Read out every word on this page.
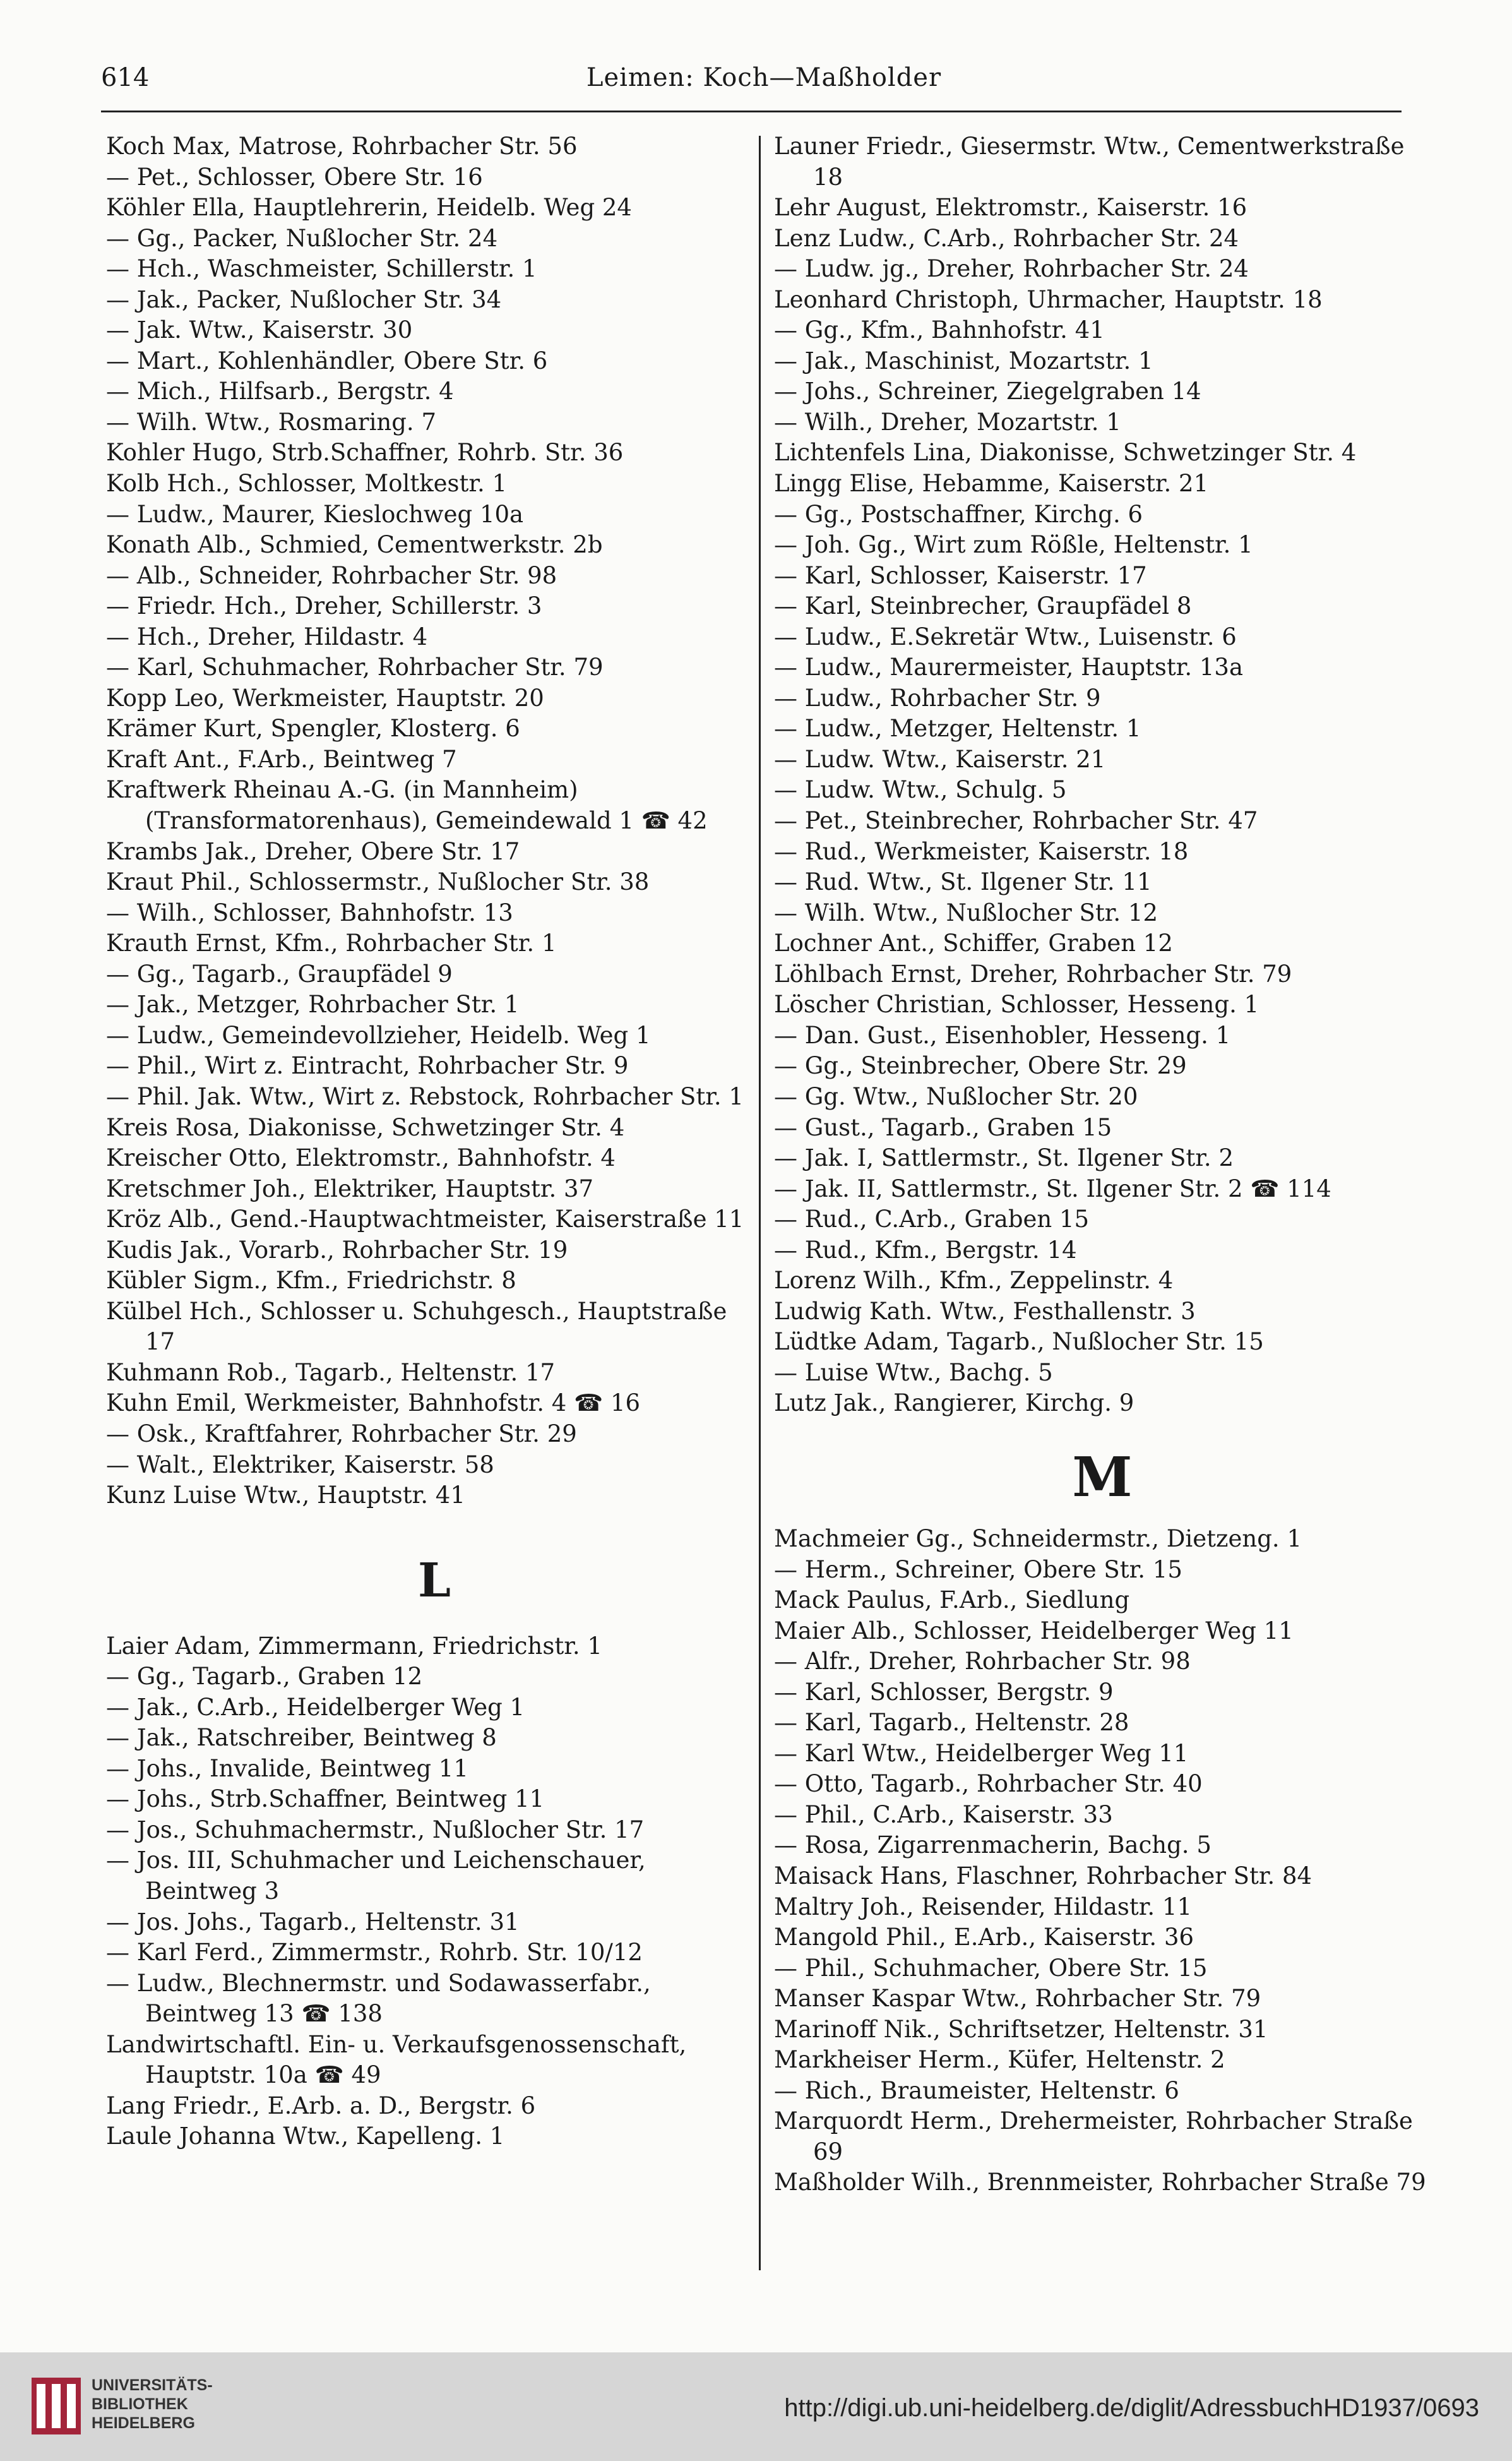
614	Leimen: Koch—Maßholder
Koch Max, Matrose, Rohrbacher Str. 56
— Pet., Schlosser, Obere Str. 16
Köhler Ella, Hauptlehrerin, Heidelb. Weg 24
— Gg., Packer, Nußlocher Str. 24
— Hch., Waschmeister, Schillerstr. 1
— Jak., Packer, Nußlocher Str. 34
— Jak. Wtw., Kaiserstr. 30
— Mart., Kohlenhändler, Obere Str. 6
— Mich., Hilfsarb., Bergstr. 4
— Wilh. Wtw., Rosmaring. 7
Kohler Hugo, Strb.Schaffner, Rohrb. Str. 36
Kolb Hch., Schlosser, Moltkestr. 1
— Ludw., Maurer, Kieslochweg 10a
Konath Alb., Schmied, Cementwerkstr. 2b
— Alb., Schneider, Rohrbacher Str. 98
— Friedr. Hch., Dreher, Schillerstr. 3
— Hch., Dreher, Hildastr. 4
— Karl, Schuhmacher, Rohrbacher Str. 79
Kopp Leo, Werkmeister, Hauptstr. 20
Krämer Kurt, Spengler, Klosterg. 6
Kraft Ant., F.Arb., Beintweg 7
Kraftwerk Rheinau A.-G. (in Mannheim) (Transformatorenhaus), Gemeindewald 1 ☎ 42
Krambs Jak., Dreher, Obere Str. 17
Kraut Phil., Schlossermstr., Nußlocher Str. 38
— Wilh., Schlosser, Bahnhofstr. 13
Krauth Ernst, Kfm., Rohrbacher Str. 1
— Gg., Tagarb., Graupfädel 9
— Jak., Metzger, Rohrbacher Str. 1
— Ludw., Gemeindevollzieher, Heidelb. Weg 1
— Phil., Wirt z. Eintracht, Rohrbacher Str. 9
— Phil. Jak. Wtw., Wirt z. Rebstock, Rohrbacher Str. 1
Kreis Rosa, Diakonisse, Schwetzinger Str. 4
Kreischer Otto, Elektromstr., Bahnhofstr. 4
Kretschmer Joh., Elektriker, Hauptstr. 37
Kröz Alb., Gend.-Hauptwachtmeister, Kaiserstraße 11
Kudis Jak., Vorarb., Rohrbacher Str. 19
Kübler Sigm., Kfm., Friedrichstr. 8
Külbel Hch., Schlosser u. Schuhgesch., Hauptstraße 17
Kuhmann Rob., Tagarb., Heltenstr. 17
Kuhn Emil, Werkmeister, Bahnhofstr. 4 ☎ 16
— Osk., Kraftfahrer, Rohrbacher Str. 29
— Walt., Elektriker, Kaiserstr. 58
Kunz Luise Wtw., Hauptstr. 41
L
Laier Adam, Zimmermann, Friedrichstr. 1
— Gg., Tagarb., Graben 12
— Jak., C.Arb., Heidelberger Weg 1
— Jak., Ratschreiber, Beintweg 8
— Johs., Invalide, Beintweg 11
— Johs., Strb.Schaffner, Beintweg 11
— Jos., Schuhmachermstr., Nußlocher Str. 17
— Jos. III, Schuhmacher und Leichenschauer, Beintweg 3
— Jos. Johs., Tagarb., Heltenstr. 31
— Karl Ferd., Zimmermstr., Rohrb. Str. 10/12
— Ludw., Blechnermstr. und Sodawasserfabr., Beintweg 13 ☎ 138
Landwirtschaftl. Ein- u. Verkaufsgenossenschaft, Hauptstr. 10a ☎ 49
Lang Friedr., E.Arb. a. D., Bergstr. 6
Laule Johanna Wtw., Kapelleng. 1
Launer Friedr., Giesermstr. Wtw., Cementwerkstraße 18
Lehr August, Elektromstr., Kaiserstr. 16
Lenz Ludw., C.Arb., Rohrbacher Str. 24
— Ludw. jg., Dreher, Rohrbacher Str. 24
Leonhard Christoph, Uhrmacher, Hauptstr. 18
— Gg., Kfm., Bahnhofstr. 41
— Jak., Maschinist, Mozartstr. 1
— Johs., Schreiner, Ziegelgraben 14
— Wilh., Dreher, Mozartstr. 1
Lichtenfels Lina, Diakonisse, Schwetzinger Str. 4
Lingg Elise, Hebamme, Kaiserstr. 21
— Gg., Postschaffner, Kirchg. 6
— Joh. Gg., Wirt zum Rößle, Heltenstr. 1
— Karl, Schlosser, Kaiserstr. 17
— Karl, Steinbrecher, Graupfädel 8
— Ludw., E.Sekretär Wtw., Luisenstr. 6
— Ludw., Maurermeister, Hauptstr. 13a
— Ludw., Rohrbacher Str. 9
— Ludw., Metzger, Heltenstr. 1
— Ludw. Wtw., Kaiserstr. 21
— Ludw. Wtw., Schulg. 5
— Pet., Steinbrecher, Rohrbacher Str. 47
— Rud., Werkmeister, Kaiserstr. 18
— Rud. Wtw., St. Ilgener Str. 11
— Wilh. Wtw., Nußlocher Str. 12
Lochner Ant., Schiffer, Graben 12
Löhlbach Ernst, Dreher, Rohrbacher Str. 79
Löscher Christian, Schlosser, Hesseng. 1
— Dan. Gust., Eisenhobler, Hesseng. 1
— Gg., Steinbrecher, Obere Str. 29
— Gg. Wtw., Nußlocher Str. 20
— Gust., Tagarb., Graben 15
— Jak. I, Sattlermstr., St. Ilgener Str. 2
— Jak. II, Sattlermstr., St. Ilgener Str. 2 ☎ 114
— Rud., C.Arb., Graben 15
— Rud., Kfm., Bergstr. 14
Lorenz Wilh., Kfm., Zeppelinstr. 4
Ludwig Kath. Wtw., Festhallenstr. 3
Lüdtke Adam, Tagarb., Nußlocher Str. 15
— Luise Wtw., Bachg. 5
Lutz Jak., Rangierer, Kirchg. 9
M
Machmeier Gg., Schneidermstr., Dietzeng. 1
— Herm., Schreiner, Obere Str. 15
Mack Paulus, F.Arb., Siedlung
Maier Alb., Schlosser, Heidelberger Weg 11
— Alfr., Dreher, Rohrbacher Str. 98
— Karl, Schlosser, Bergstr. 9
— Karl, Tagarb., Heltenstr. 28
— Karl Wtw., Heidelberger Weg 11
— Otto, Tagarb., Rohrbacher Str. 40
— Phil., C.Arb., Kaiserstr. 33
— Rosa, Zigarrenmacherin, Bachg. 5
Maisack Hans, Flaschner, Rohrbacher Str. 84
Maltry Joh., Reisender, Hildastr. 11
Mangold Phil., E.Arb., Kaiserstr. 36
— Phil., Schuhmacher, Obere Str. 15
Manser Kaspar Wtw., Rohrbacher Str. 79
Marinoff Nik., Schriftsetzer, Heltenstr. 31
Markheiser Herm., Küfer, Heltenstr. 2
— Rich., Braumeister, Heltenstr. 6
Marquordt Herm., Drehermeister, Rohrbacher Straße 69
Maßholder Wilh., Brennmeister, Rohrbacher Straße 79
UNIVERSITÄTS-
BIBLIOTHEK
HEIDELBERG
http://digi.ub.uni-heidelberg.de/diglit/AdressbuchHD1937/0693
